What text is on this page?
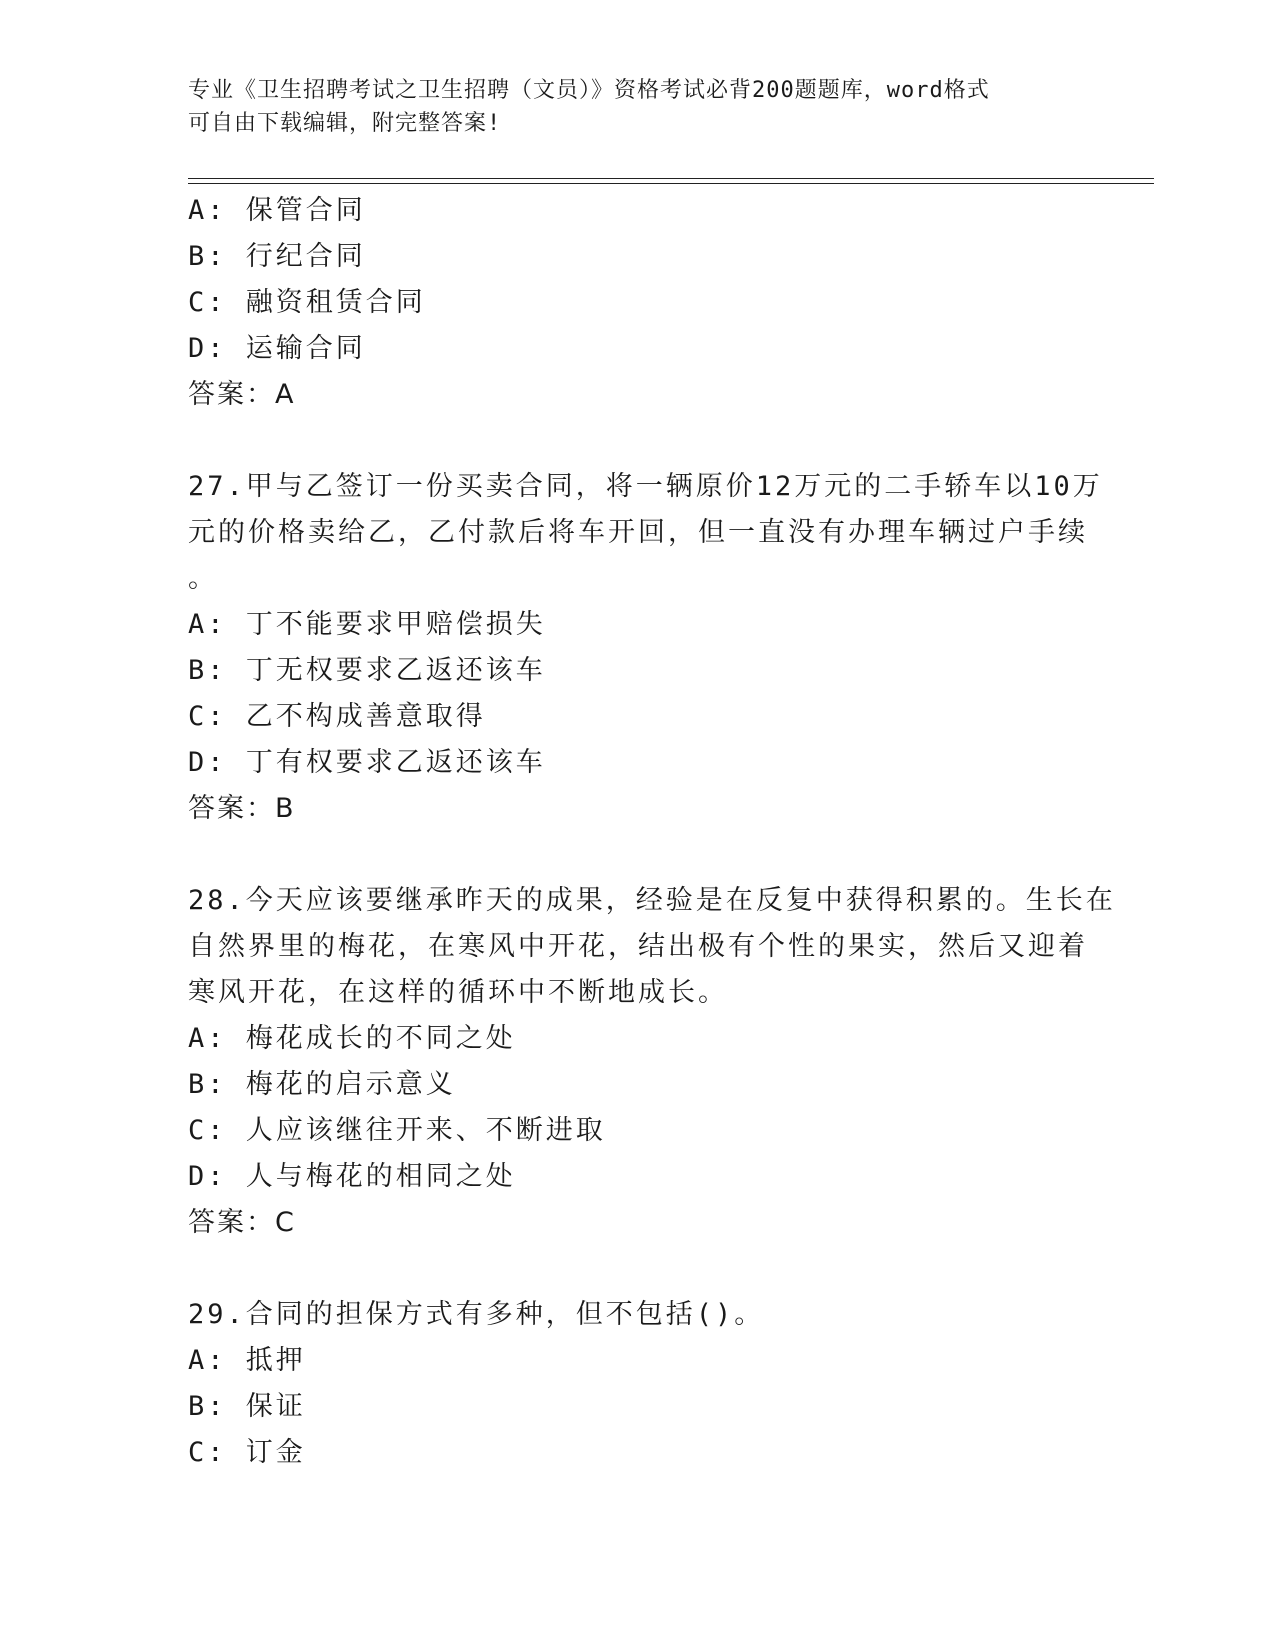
专业《卫生招聘考试之卫生招聘（文员）》资格考试必背200题题库，word格式
可自由下载编辑，附完整答案!
A: 保管合同
B: 行纪合同
C: 融资租赁合同
D: 运输合同
答案：A
27.甲与乙签订一份买卖合同，将一辆原价12万元的二手轿车以10万
元的价格卖给乙，乙付款后将车开回，但一直没有办理车辆过户手续
。
A: 丁不能要求甲赔偿损失
B: 丁无权要求乙返还该车
C: 乙不构成善意取得
D: 丁有权要求乙返还该车
答案：B
28.今天应该要继承昨天的成果，经验是在反复中获得积累的。生长在
自然界里的梅花，在寒风中开花，结出极有个性的果实，然后又迎着
寒风开花，在这样的循环中不断地成长。
A: 梅花成长的不同之处
B: 梅花的启示意义
C: 人应该继往开来、不断进取
D: 人与梅花的相同之处
答案：C
29.合同的担保方式有多种，但不包括()。
A: 抵押
B: 保证
C: 订金
